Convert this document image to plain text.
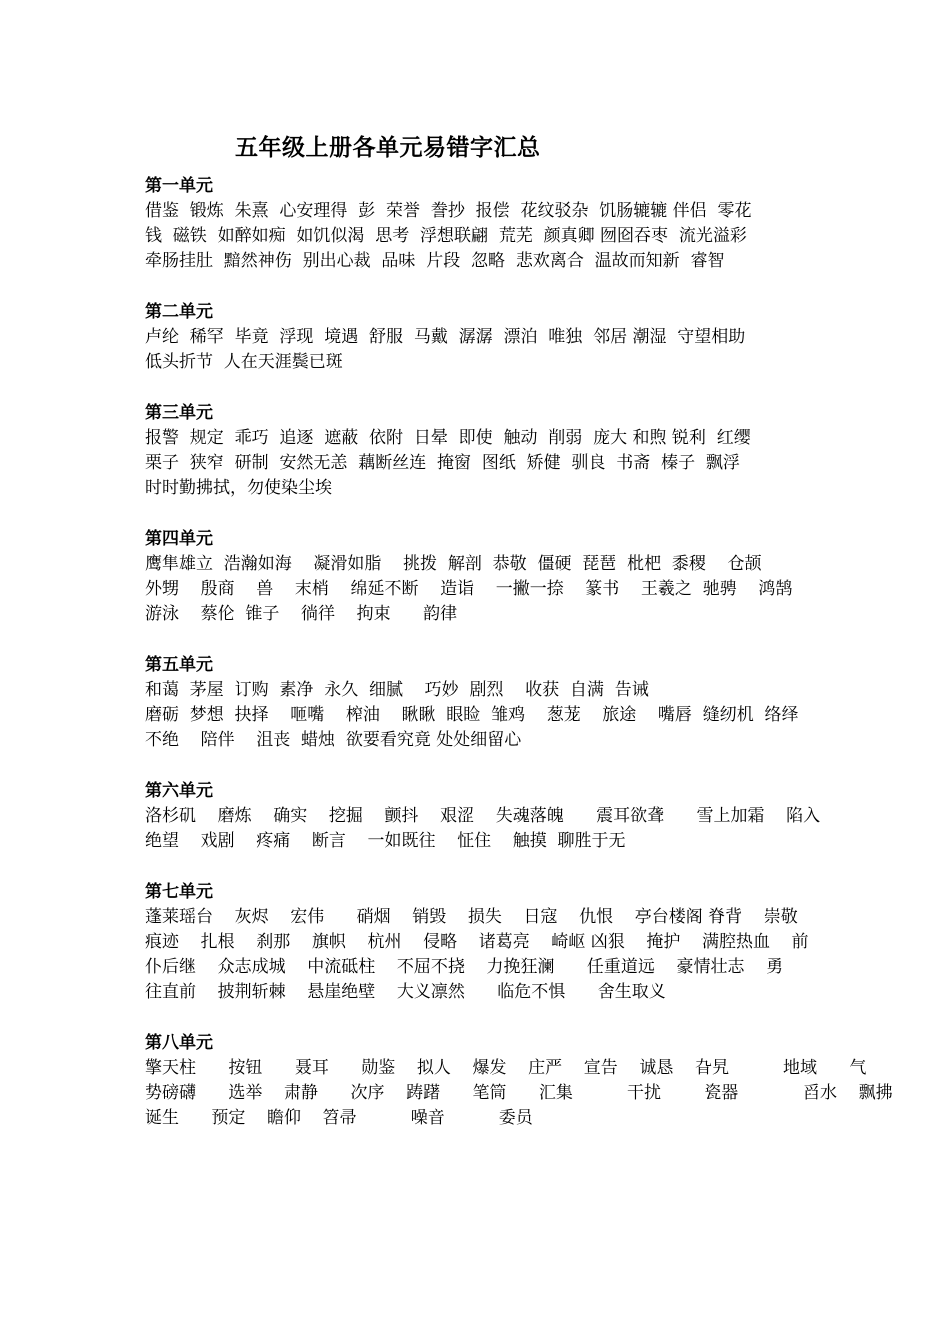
五年级上册各单元易错字汇总
第一单元
借鉴  锻炼  朱熹  心安理得  彭  荣誉  誊抄  报偿  花纹驳杂  饥肠辘辘 伴侣  零花
钱  磁铁  如醉如痴  如饥似渴  思考  浮想联翩  荒芜  颜真卿 囫囵吞枣  流光溢彩
牵肠挂肚  黯然神伤  别出心裁  品味  片段  忽略  悲欢离合  温故而知新  睿智
第二单元
卢纶  稀罕  毕竟  浮现  境遇  舒服  马戴  潺潺  漂泊  唯独  邻居 潮湿  守望相助
低头折节  人在天涯鬓已斑
第三单元
报警  规定  乖巧  追逐  遮蔽  依附  日晕  即使  触动  削弱  庞大 和煦 锐利  红缨
栗子  狭窄  研制  安然无恙  藕断丝连  掩窗  图纸  矫健  驯良  书斋  榛子  飘浮
时时勤拂拭，勿使染尘埃
第四单元
鹰隼雄立  浩瀚如海    凝滑如脂    挑拨  解剖  恭敬  僵硬  琵琶  枇杷  黍稷    仓颉
外甥    殷商    兽    末梢    绵延不断    造诣    一撇一捺    篆书    王羲之  驰骋    鸿鹄
游泳    蔡伦  锥子    徜徉    拘束      韵律
第五单元
和蔼  茅屋  订购  素净  永久  细腻    巧妙  剧烈    收获  自满  告诫
磨砺  梦想  抉择    咂嘴    榨油    瞅瞅  眼睑  雏鸡    葱茏    旅途    嘴唇  缝纫机  络绎
不绝    陪伴    沮丧  蜡烛  欲要看究竟 处处细留心
第六单元
洛杉矶    磨炼    确实    挖掘    颤抖    艰涩    失魂落魄      震耳欲聋      雪上加霜    陷入
绝望    戏剧    疼痛    断言    一如既往    怔住    触摸  聊胜于无
第七单元
蓬莱瑶台    灰烬    宏伟      硝烟    销毁    损失    日寇    仇恨    亭台楼阁 脊背    崇敬
痕迹    扎根    刹那    旗帜    杭州    侵略    诸葛亮    崎岖 凶狠    掩护    满腔热血    前
仆后继    众志成城    中流砥柱    不屈不挠    力挽狂澜      任重道远    豪情壮志    勇
往直前    披荆斩棘    悬崖绝壁    大义凛然      临危不惧      舍生取义
第八单元
擎天柱      按钮      聂耳      勋鉴    拟人    爆发    庄严    宣告    诚恳    旮旯          地域      气
势磅礴      选举    肃静      次序    踌躇      笔筒      汇集          干扰        瓷器            舀水    飘拂
诞生      预定    瞻仰    笤帚          噪音          委员
